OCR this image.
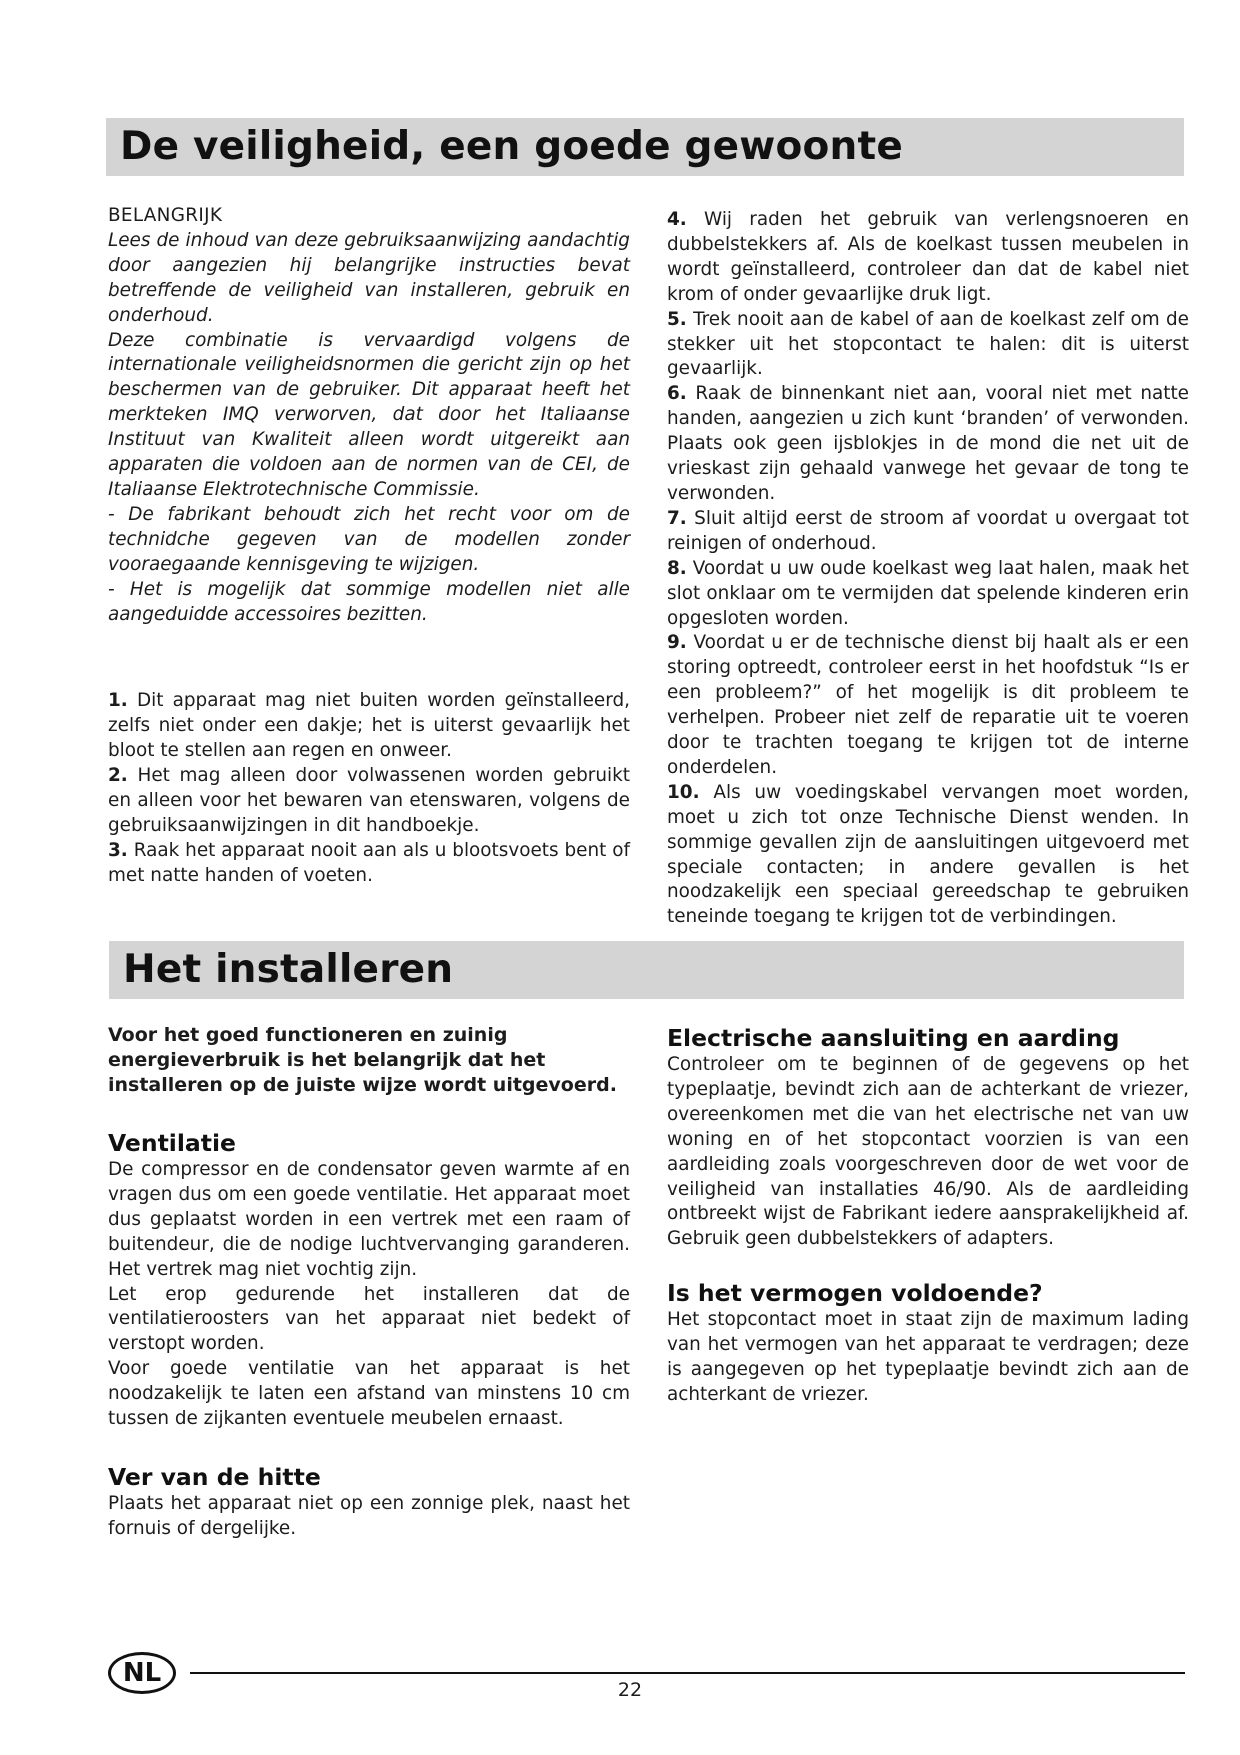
De veiligheid, een goede gewoonte

BELANGRIJK

Lees de inhoud van deze gebruiksaanwijzing aandachtig door aangezien hij belangrijke instructies bevat betreffende de veiligheid van installeren, gebruik en onderhoud.

Deze combinatie is vervaardigd volgens de internationale veiligheidsnormen die gericht zijn op het beschermen van de gebruiker. Dit apparaat heeft het merkteken IMQ verworven, dat door het Italiaanse Instituut van Kwaliteit alleen wordt uitgereikt aan apparaten die voldoen aan de normen van de CEI, de Italiaanse Elektrotechnische Commissie.

- De fabrikant behoudt zich het recht voor om de technidche gegeven van de modellen zonder vooraegaande kennisgeving te wijzigen.

- Het is mogelijk dat sommige modellen niet alle aangeduidde accessoires bezitten.

1. Dit apparaat mag niet buiten worden geïnstalleerd, zelfs niet onder een dakje; het is uiterst gevaarlijk het bloot te stellen aan regen en onweer.

2. Het mag alleen door volwassenen worden gebruikt en alleen voor het bewaren van etenswaren, volgens de gebruiksaanwijzingen in dit handboekje.

3. Raak het apparaat nooit aan als u blootsvoets bent of met natte handen of voeten.

4. Wij raden het gebruik van verlengsnoeren en dubbelstekkers af. Als de koelkast tussen meubelen in wordt geïnstalleerd, controleer dan dat de kabel niet krom of onder gevaarlijke druk ligt.

5. Trek nooit aan de kabel of aan de koelkast zelf om de stekker uit het stopcontact te halen: dit is uiterst gevaarlijk.

6. Raak de binnenkant niet aan, vooral niet met natte handen, aangezien u zich kunt ‘branden’ of verwonden. Plaats ook geen ijsblokjes in de mond die net uit de vrieskast zijn gehaald vanwege het gevaar de tong te verwonden.

7. Sluit altijd eerst de stroom af voordat u overgaat tot reinigen of onderhoud.

8. Voordat u uw oude koelkast weg laat halen, maak het slot onklaar om te vermijden dat spelende kinderen erin opgesloten worden.

9. Voordat u er de technische dienst bij haalt als er een storing optreedt, controleer eerst in het hoofdstuk “Is er een probleem?” of het mogelijk is dit probleem te verhelpen. Probeer niet zelf de reparatie uit te voeren door te trachten toegang te krijgen tot de interne onderdelen.

10. Als uw voedingskabel vervangen moet worden, moet u zich tot onze Technische Dienst wenden. In sommige gevallen zijn de aansluitingen uitgevoerd met speciale contacten; in andere gevallen is het noodzakelijk een speciaal gereedschap te gebruiken teneinde toegang te krijgen tot de verbindingen.

Het installeren

Voor het goed functioneren en zuinig energieverbruik is het belangrijk dat het installeren op de juiste wijze wordt uitgevoerd.

Ventilatie

De compressor en de condensator geven warmte af en vragen dus om een goede ventilatie. Het apparaat moet dus geplaatst worden in een vertrek met een raam of buitendeur, die de nodige luchtvervanging garanderen. Het vertrek mag niet vochtig zijn.

Let erop gedurende het installeren dat de ventilatieroosters van het apparaat niet bedekt of verstopt worden.

Voor goede ventilatie van het apparaat is het noodzakelijk te laten een afstand van minstens 10 cm tussen de zijkanten eventuele meubelen ernaast.

Ver van de hitte

Plaats het apparaat niet op een zonnige plek, naast het fornuis of dergelijke.

Electrische aansluiting en aarding

Controleer om te beginnen of de gegevens op het typeplaatje, bevindt zich aan de achterkant de vriezer, overeenkomen met die van het electrische net van uw woning en of het stopcontact voorzien is van een aardleiding zoals voorgeschreven door de wet voor de veiligheid van installaties 46/90. Als de aardleiding ontbreekt wijst de Fabrikant iedere aansprakelijkheid af. Gebruik geen dubbelstekkers of adapters.

Is het vermogen voldoende?

Het stopcontact moet in staat zijn de maximum lading van het vermogen van het apparaat te verdragen; deze is aangegeven op het typeplaatje bevindt zich aan de achterkant de vriezer.

NL
22
